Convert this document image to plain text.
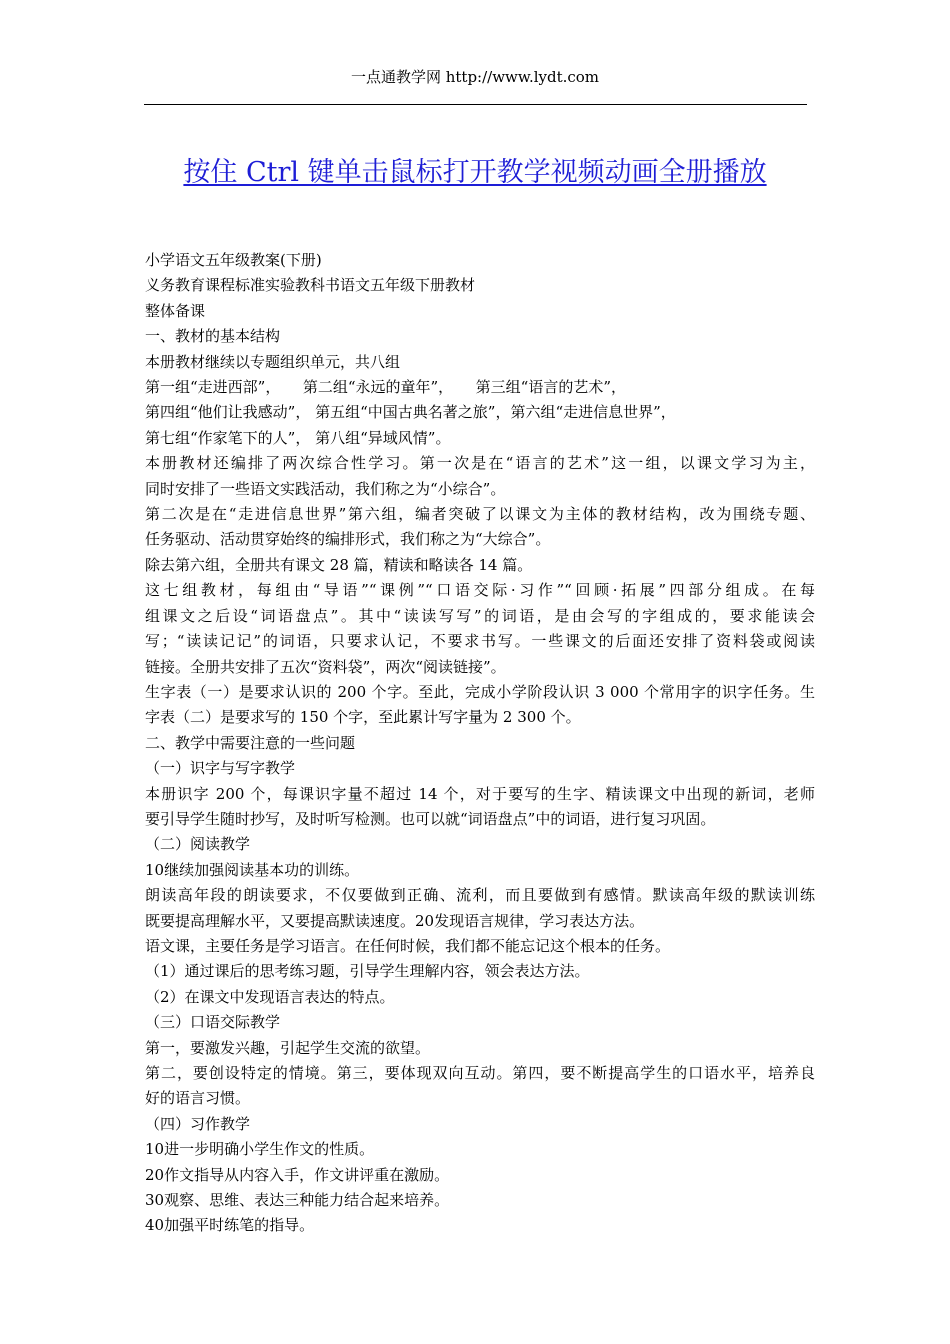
一点通教学网 http://www.lydt.com
按住 Ctrl 键单击鼠标打开教学视频动画全册播放

小学语文五年级教案(下册)

义务教育课程标准实验教科书语文五年级下册教材

整体备课

一、教材的基本结构

本册教材继续以专题组织单元，共八组

第一组“走进西部”，　　第二组“永远的童年”，　　第三组“语言的艺术”，

第四组“他们让我感动”， 第五组“中国古典名著之旅”，第六组“走进信息世界”，

第七组“作家笔下的人”， 第八组“异域风情”。

本册教材还编排了两次综合性学习。第一次是在“语言的艺术”这一组，以课文学习为主，

同时安排了一些语文实践活动，我们称之为“小综合”。

第二次是在“走进信息世界”第六组，编者突破了以课文为主体的教材结构，改为围绕专题、

任务驱动、活动贯穿始终的编排形式，我们称之为“大综合”。

除去第六组，全册共有课文 28 篇，精读和略读各 14 篇。

这七组教材，每组由“导语”“课例”“口语交际·习作”“回顾·拓展”四部分组成。在每

组课文之后设“词语盘点”。其中“读读写写”的词语，是由会写的字组成的，要求能读会

写；“读读记记”的词语，只要求认记，不要求书写。一些课文的后面还安排了资料袋或阅读

链接。全册共安排了五次“资料袋”，两次“阅读链接”。

生字表（一）是要求认识的 200 个字。至此，完成小学阶段认识 3 000 个常用字的识字任务。生

字表（二）是要求写的 150 个字，至此累计写字量为 2 300 个。

二、教学中需要注意的一些问题

（一）识字与写字教学

本册识字 200 个，每课识字量不超过 14 个，对于要写的生字、精读课文中出现的新词，老师

要引导学生随时抄写，及时听写检测。也可以就“词语盘点”中的词语，进行复习巩固。

（二）阅读教学

10继续加强阅读基本功的训练。

朗读高年段的朗读要求，不仅要做到正确、流利，而且要做到有感情。默读高年级的默读训练

既要提高理解水平，又要提高默读速度。20发现语言规律，学习表达方法。

语文课，主要任务是学习语言。在任何时候，我们都不能忘记这个根本的任务。

（1）通过课后的思考练习题，引导学生理解内容，领会表达方法。

（2）在课文中发现语言表达的特点。

（三）口语交际教学

第一，要激发兴趣，引起学生交流的欲望。

第二，要创设特定的情境。第三，要体现双向互动。第四，要不断提高学生的口语水平，培养良

好的语言习惯。

（四）习作教学

10进一步明确小学生作文的性质。

20作文指导从内容入手，作文讲评重在激励。

30观察、思维、表达三种能力结合起来培养。

40加强平时练笔的指导。
